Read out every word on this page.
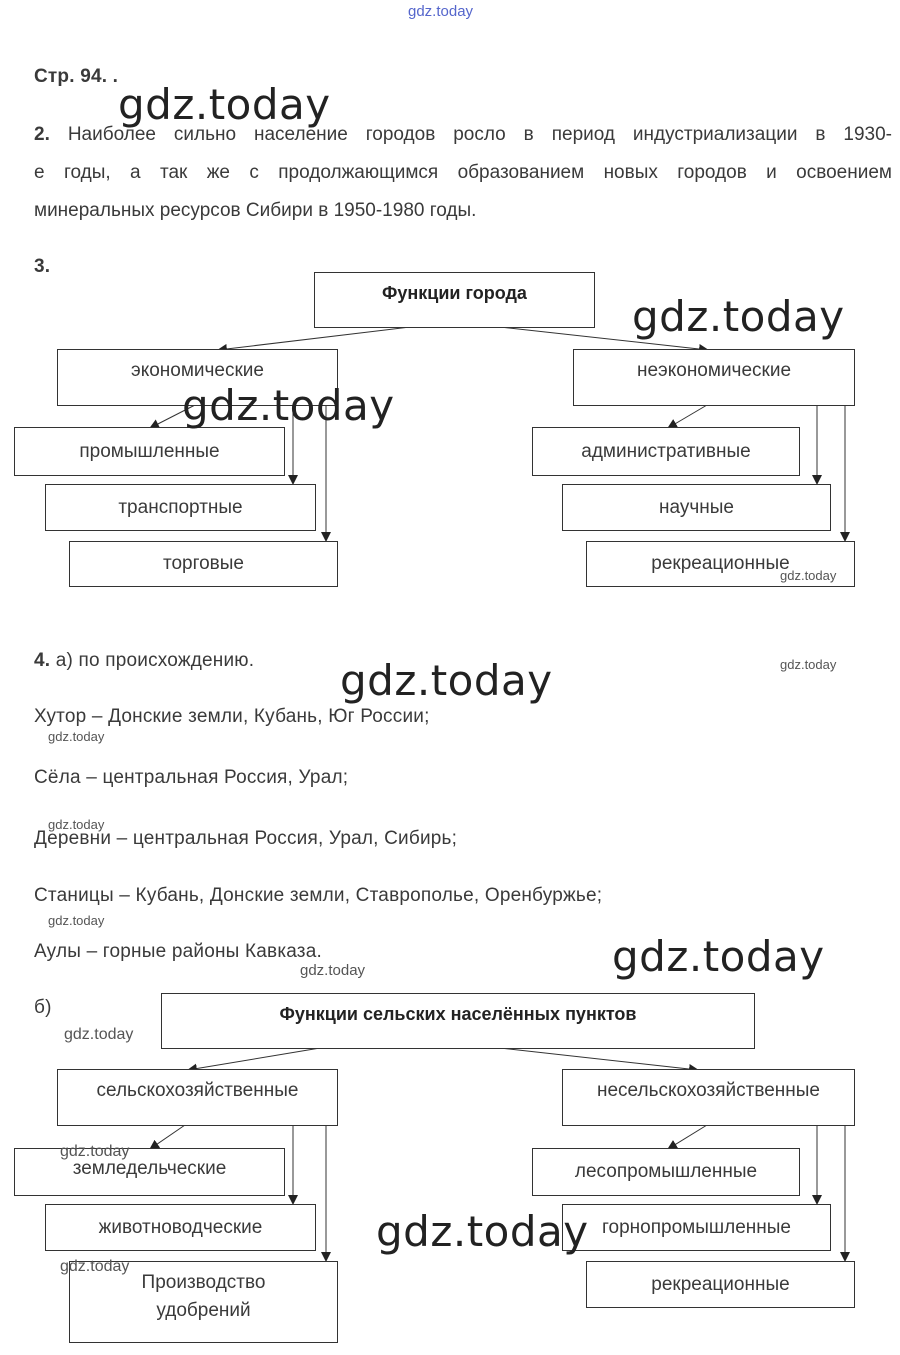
gdz.today
Стр. 94. .
gdz.today
2. Наиболее сильно население городов росло в период индустриализации в 1930-
е годы, а так же с продолжающимся образованием новых городов и освоением
минеральных ресурсов Сибири в 1950-1980 годы.
3.
Функции города	gdz.today
экономические	неэкономические
промышленные
транспортные
торговые
административные
научные
рекреационные
gdz.today
gdz.today
4. а) по происхождению.	gdz.today
gdz.today
Хутор – Донские земли, Кубань, Юг России;
gdz.today
Сёла – центральная Россия, Урал;
gdz.today
Деревни – центральная Россия, Урал, Сибирь;
Станицы – Кубань, Донские земли, Ставрополье, Оренбуржье;
gdz.today
Аулы – горные районы Кавказа.
gdz.today	gdz.today
б)
gdz.today
Функции сельских населённых пунктов
сельскохозяйственные	несельскохозяйственные
земледельческие
животноводческие
Производство
удобрений
лесопромышленные
горнопромышленные
рекреационные
gdz.today
gdz.today
gdz.today
